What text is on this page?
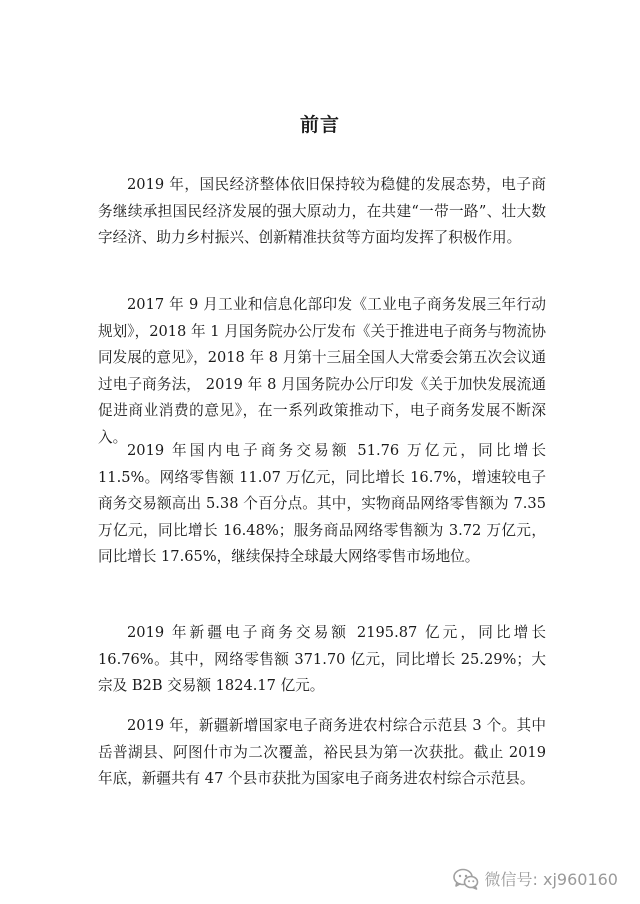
前言

2019 年，国民经济整体依旧保持较为稳健的发展态势，电子商务继续承担国民经济发展的强大原动力，在共建“一带一路”、壮大数字经济、助力乡村振兴、创新精准扶贫等方面均发挥了积极作用。

2017 年 9 月工业和信息化部印发《工业电子商务发展三年行动规划》，2018 年 1 月国务院办公厅发布《关于推进电子商务与物流协同发展的意见》，2018 年 8 月第十三届全国人大常委会第五次会议通过电子商务法， 2019 年 8 月国务院办公厅印发《关于加快发展流通促进商业消费的意见》，在一系列政策推动下，电子商务发展不断深入。

2019 年国内电子商务交易额 51.76 万亿元，同比增长 11.5%。网络零售额 11.07 万亿元，同比增长 16.7%，增速较电子商务交易额高出 5.38 个百分点。其中，实物商品网络零售额为 7.35 万亿元，同比增长 16.48%；服务商品网络零售额为 3.72 万亿元，同比增长 17.65%，继续保持全球最大网络零售市场地位。

2019 年新疆电子商务交易额 2195.87 亿元，同比增长 16.76%。其中，网络零售额 371.70 亿元，同比增长 25.29%；大宗及 B2B 交易额 1824.17 亿元。

2019 年，新疆新增国家电子商务进农村综合示范县 3 个。其中岳普湖县、阿图什市为二次覆盖，裕民县为第一次获批。截止 2019 年底，新疆共有 47 个县市获批为国家电子商务进农村综合示范县。

微信号: xj960160
